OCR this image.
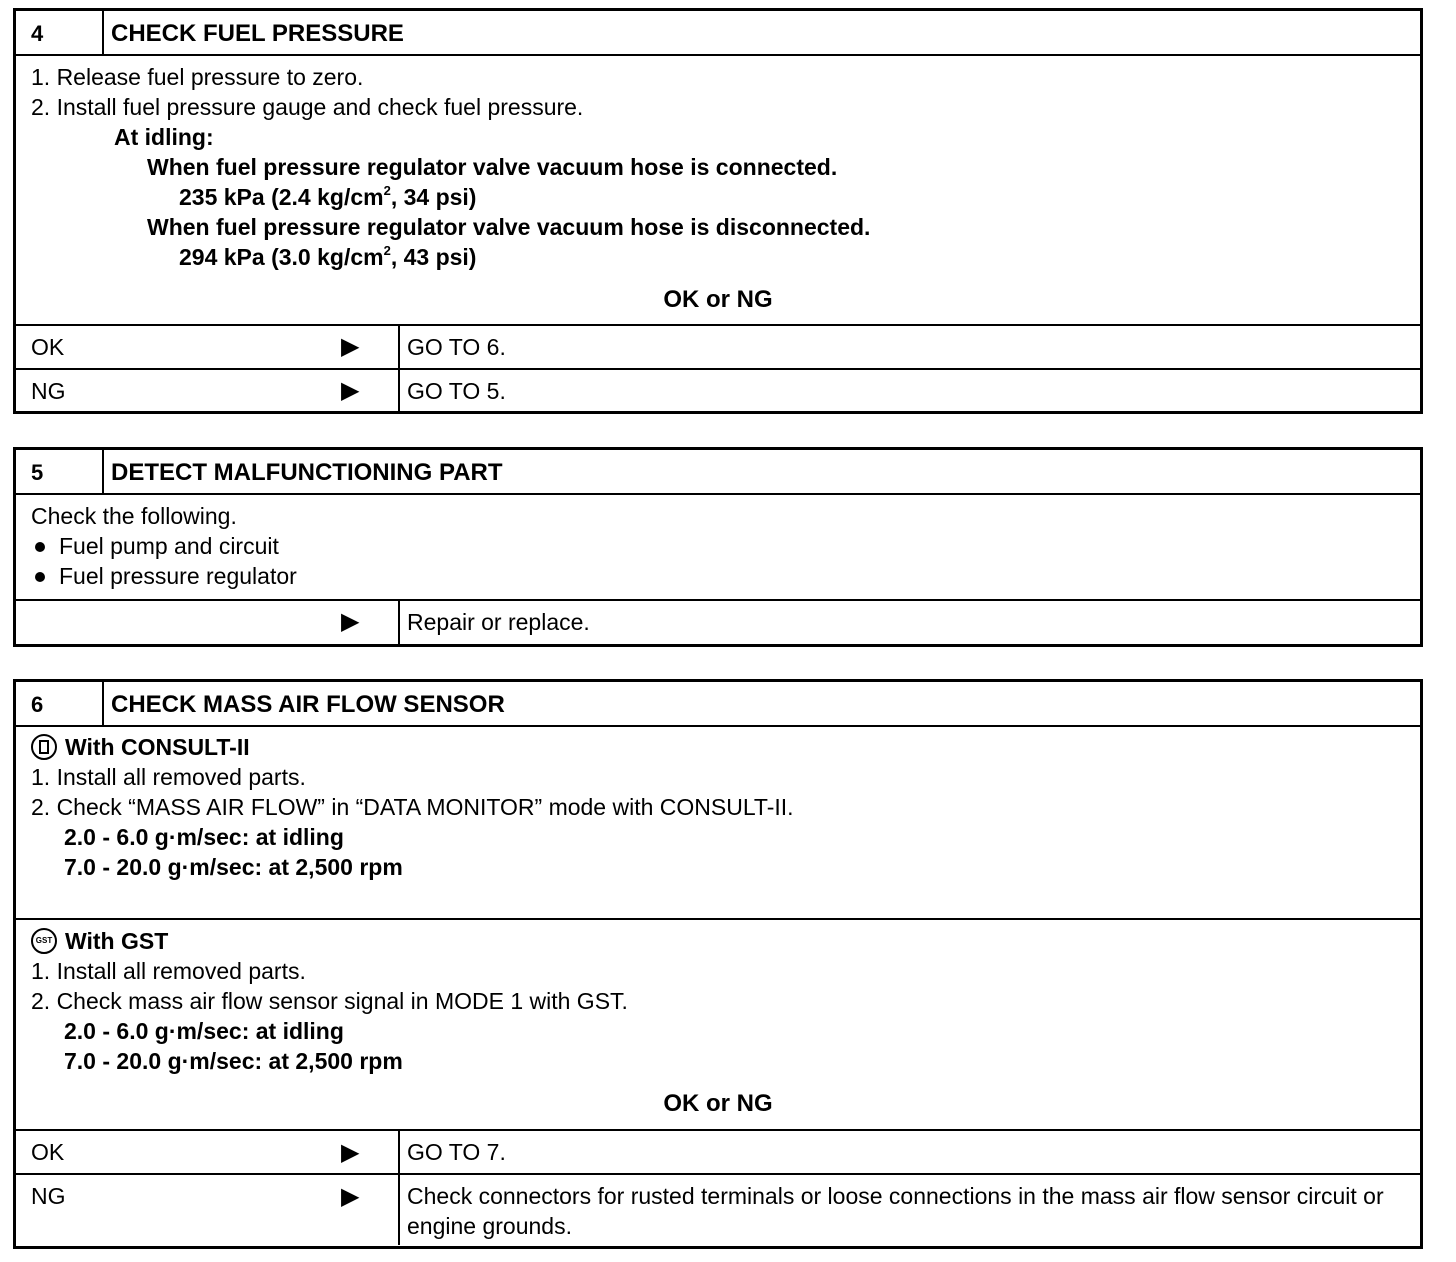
4	CHECK FUEL PRESSURE
1. Release fuel pressure to zero.
2. Install fuel pressure gauge and check fuel pressure.
At idling:
When fuel pressure regulator valve vacuum hose is connected.
235 kPa (2.4 $kg/cm^2$, 34 psi)
When fuel pressure regulator valve vacuum hose is disconnected.
294 kPa (3.0 $kg/cm^2$, 43 psi)
OK or NG
OK	▶	GO TO 6.
NG	▶	GO TO 5.
5	DETECT MALFUNCTIONING PART
Check the following.
Fuel pump and circuit
Fuel pressure regulator
▶	Repair or replace.
6	CHECK MASS AIR FLOW SENSOR
With CONSULT-II
1. Install all removed parts.
2. Check “MASS AIR FLOW” in “DATA MONITOR” mode with CONSULT-II.
2.0 - 6.0 g·m/sec: at idling
7.0 - 20.0 g·m/sec: at 2,500 rpm
GST With GST
1. Install all removed parts.
2. Check mass air flow sensor signal in MODE 1 with GST.
2.0 - 6.0 g·m/sec: at idling
7.0 - 20.0 g·m/sec: at 2,500 rpm
OK or NG
OK	▶	GO TO 7.
NG	▶	Check connectors for rusted terminals or loose connections in the mass air flow sensor circuit or engine grounds.
